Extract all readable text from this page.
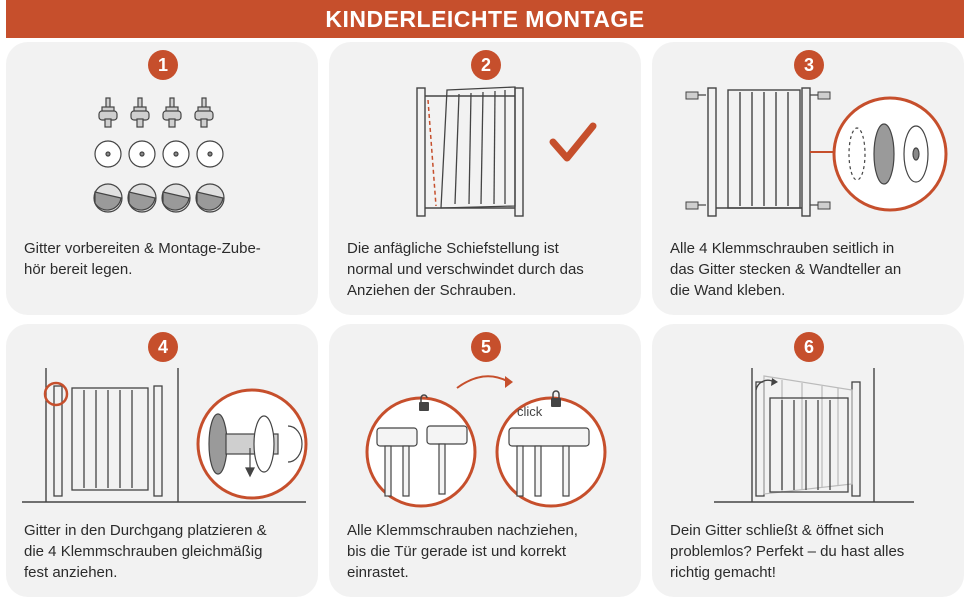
KINDERLEICHTE MONTAGE
1

Gitter vorbereiten & Montage-Zube-
hör bereit legen.

2

Die anfägliche Schiefstellung ist
normal und verschwindet durch das
Anziehen der Schrauben.

3

Alle 4 Klemmschrauben seitlich in
das Gitter stecken & Wandteller an
die Wand kleben.

4

Gitter in den Durchgang platzieren &
die 4 Klemmschrauben gleichmäßig
fest anziehen.

5
click

Alle Klemmschrauben nachziehen,
bis die Tür gerade ist und korrekt
einrastet.

6

Dein Gitter schließt & öffnet sich
problemlos? Perfekt – du hast alles
richtig gemacht!
